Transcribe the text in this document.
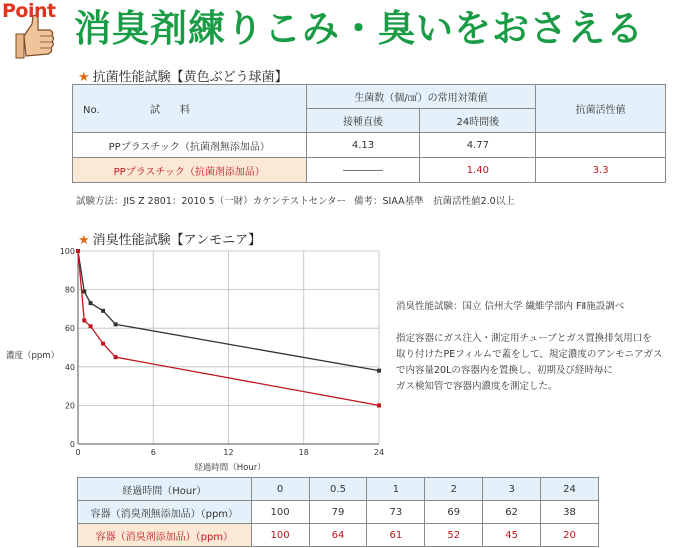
Point 消臭剤練りこみ・臭いをおさえる
★ 抗菌性能試験【黄色ぶどう球菌】
No. 試　　料	生菌数（個/㎠）の常用対策値		抗菌活性値
	接種直後	24時間後	
PPプラスチック（抗菌剤無添加品）	4.13	4.77	
PPプラスチック（抗菌剤添加品）	――――	1.40	3.3
試験方法：JIS Z 2801：2010 5（一財）カケンテストセンター 備考：SIAA基準　抗菌活性値2.0以上
★ 消臭性能試験【アンモニア】
0
20
40
60
80
100
0	6	12	18	24
濃度（ppm）
経過時間（Hour）
消臭性能試験：国立 信州大学 繊維学部内 FⅡ施設調べ
指定容器にガス注入・測定用チューブとガス置換排気用口を
取り付けたPEフィルムで蓋をして、規定濃度のアンモニアガス
で内容量20Lの容器内を置換し、初期及び経時毎に
ガス検知管で容器内濃度を測定した。
経過時間（Hour）	0	0.5	1	2	3	24
容器（消臭剤無添加品）（ppm）	100	79	73	69	62	38
容器（消臭剤添加品）（ppm）	100	64	61	52	45	20
